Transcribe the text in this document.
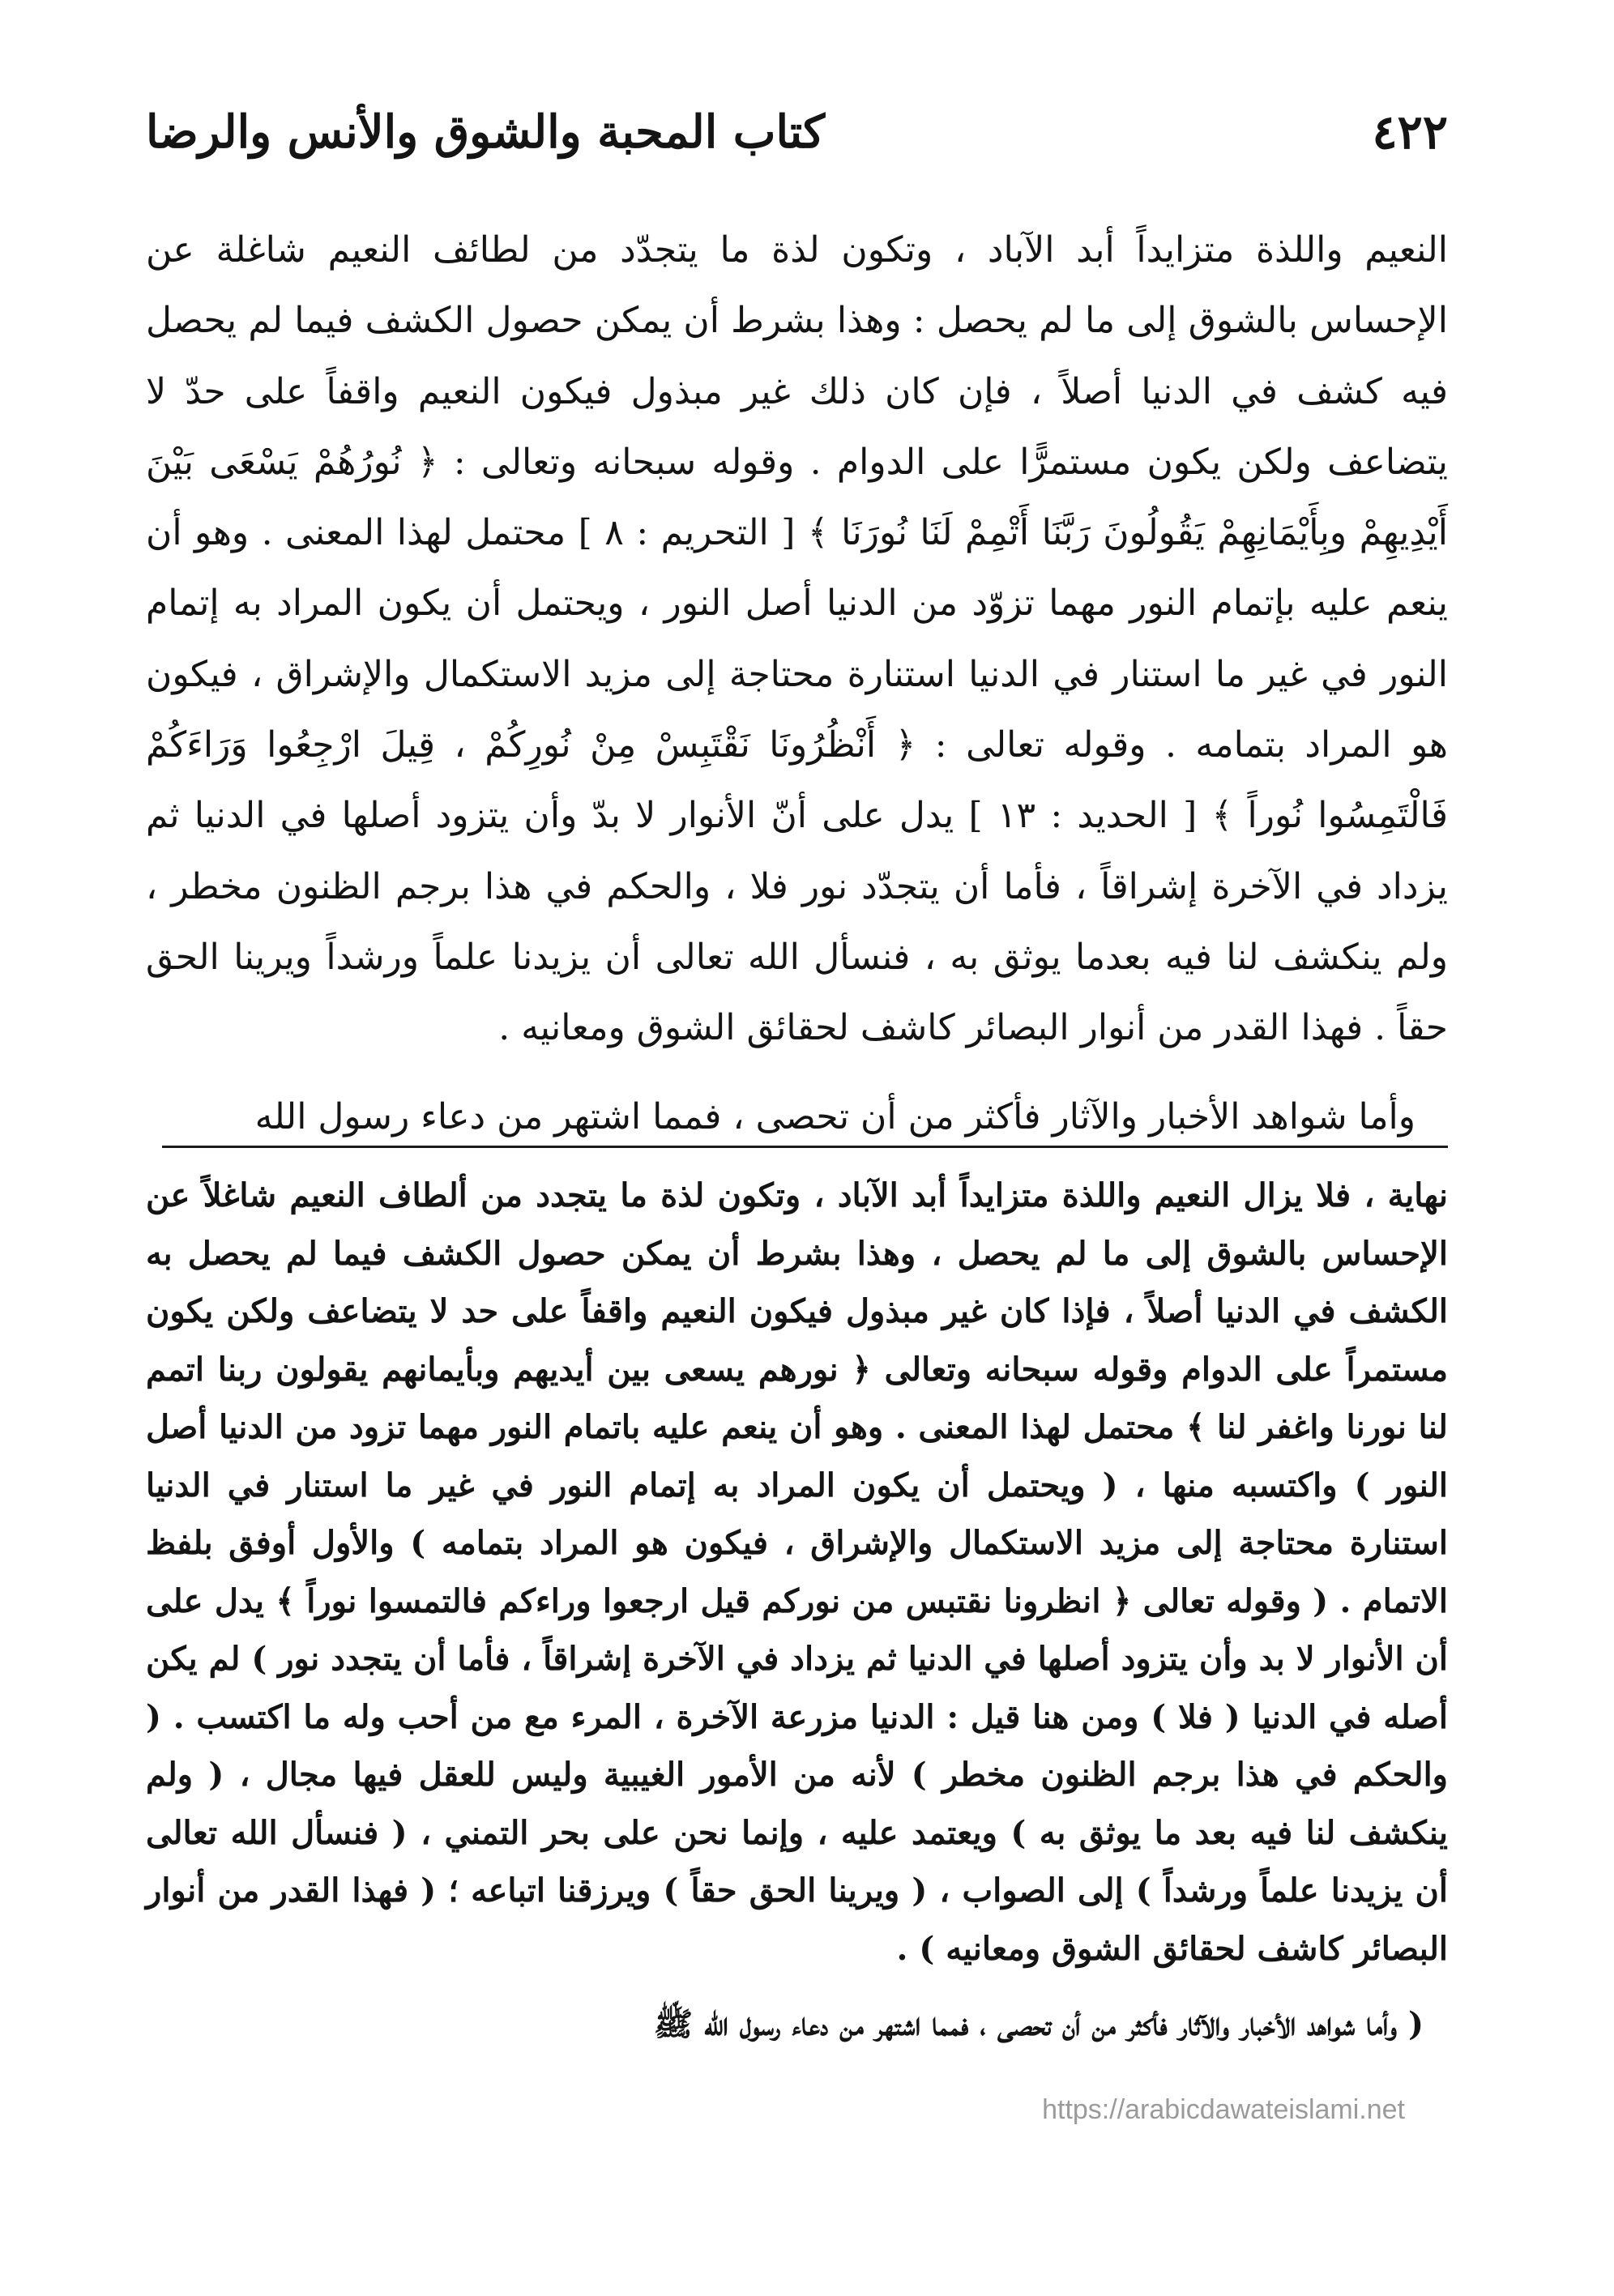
٤٢٢
كتاب المحبة والشوق والأنس والرضا

النعيم واللذة متزايداً أبد الآباد ، وتكون لذة ما يتجدّد من لطائف النعيم شاغلة عن الإحساس بالشوق إلى ما لم يحصل : وهذا بشرط أن يمكن حصول الكشف فيما لم يحصل فيه كشف في الدنيا أصلاً ، فإن كان ذلك غير مبذول فيكون النعيم واقفاً على حدّ لا يتضاعف ولكن يكون مستمرًّا على الدوام . وقوله سبحانه وتعالى : ﴿ نُورُهُمْ يَسْعَى بَيْنَ أَيْدِيهِمْ وبِأَيْمَانِهِمْ يَقُولُونَ رَبَّنَا أَتْمِمْ لَنَا نُورَنَا ﴾ [ التحريم : ٨ ] محتمل لهذا المعنى . وهو أن ينعم عليه بإتمام النور مهما تزوّد من الدنيا أصل النور ، ويحتمل أن يكون المراد به إتمام النور في غير ما استنار في الدنيا استنارة محتاجة إلى مزيد الاستكمال والإشراق ، فيكون هو المراد بتمامه . وقوله تعالى : ﴿ أَنْظُرُونَا نَقْتَبِسْ مِنْ نُورِكُمْ ، قِيلَ ارْجِعُوا وَرَاءَكُمْ فَالْتَمِسُوا نُوراً ﴾ [ الحديد : ١٣ ] يدل على أنّ الأنوار لا بدّ وأن يتزود أصلها في الدنيا ثم يزداد في الآخرة إشراقاً ، فأما أن يتجدّد نور فلا ، والحكم في هذا برجم الظنون مخطر ، ولم ينكشف لنا فيه بعدما يوثق به ، فنسأل الله تعالى أن يزيدنا علماً ورشداً ويرينا الحق حقاً . فهذا القدر من أنوار البصائر كاشف لحقائق الشوق ومعانيه .

وأما شواهد الأخبار والآثار فأكثر من أن تحصى ، فمما اشتهر من دعاء رسول الله

نهاية ، فلا يزال النعيم واللذة متزايداً أبد الآباد ، وتكون لذة ما يتجدد من ألطاف النعيم شاغلاً عن الإحساس بالشوق إلى ما لم يحصل ، وهذا بشرط أن يمكن حصول الكشف فيما لم يحصل به الكشف في الدنيا أصلاً ، فإذا كان غير مبذول فيكون النعيم واقفاً على حد لا يتضاعف ولكن يكون مستمراً على الدوام وقوله سبحانه وتعالى ﴿ نورهم يسعى بين أيديهم وبأيمانهم يقولون ربنا اتمم لنا نورنا واغفر لنا ﴾ محتمل لهذا المعنى . وهو أن ينعم عليه باتمام النور مهما تزود من الدنيا أصل النور ) واكتسبه منها ، ( ويحتمل أن يكون المراد به إتمام النور في غير ما استنار في الدنيا استنارة محتاجة إلى مزيد الاستكمال والإشراق ، فيكون هو المراد بتمامه ) والأول أوفق بلفظ الاتمام . ( وقوله تعالى ﴿ انظرونا نقتبس من نوركم قيل ارجعوا وراءكم فالتمسوا نوراً ﴾ يدل على أن الأنوار لا بد وأن يتزود أصلها في الدنيا ثم يزداد في الآخرة إشراقاً ، فأما أن يتجدد نور ) لم يكن أصله في الدنيا ( فلا ) ومن هنا قيل : الدنيا مزرعة الآخرة ، المرء مع من أحب وله ما اكتسب . ( والحكم في هذا برجم الظنون مخطر ) لأنه من الأمور الغيبية وليس للعقل فيها مجال ، ( ولم ينكشف لنا فيه بعد ما يوثق به ) ويعتمد عليه ، وإنما نحن على بحر التمني ، ( فنسأل الله تعالى أن يزيدنا علماً ورشداً ) إلى الصواب ، ( ويرينا الحق حقاً ) ويرزقنا اتباعه ؛ ( فهذا القدر من أنوار البصائر كاشف لحقائق الشوق ومعانيه ) .

( وأما شواهد الأخبار والآثار فأكثر من أن تحصى ، فمما اشتهر من دعاء رسول الله ﷺ

https://arabicdawateislami.net
